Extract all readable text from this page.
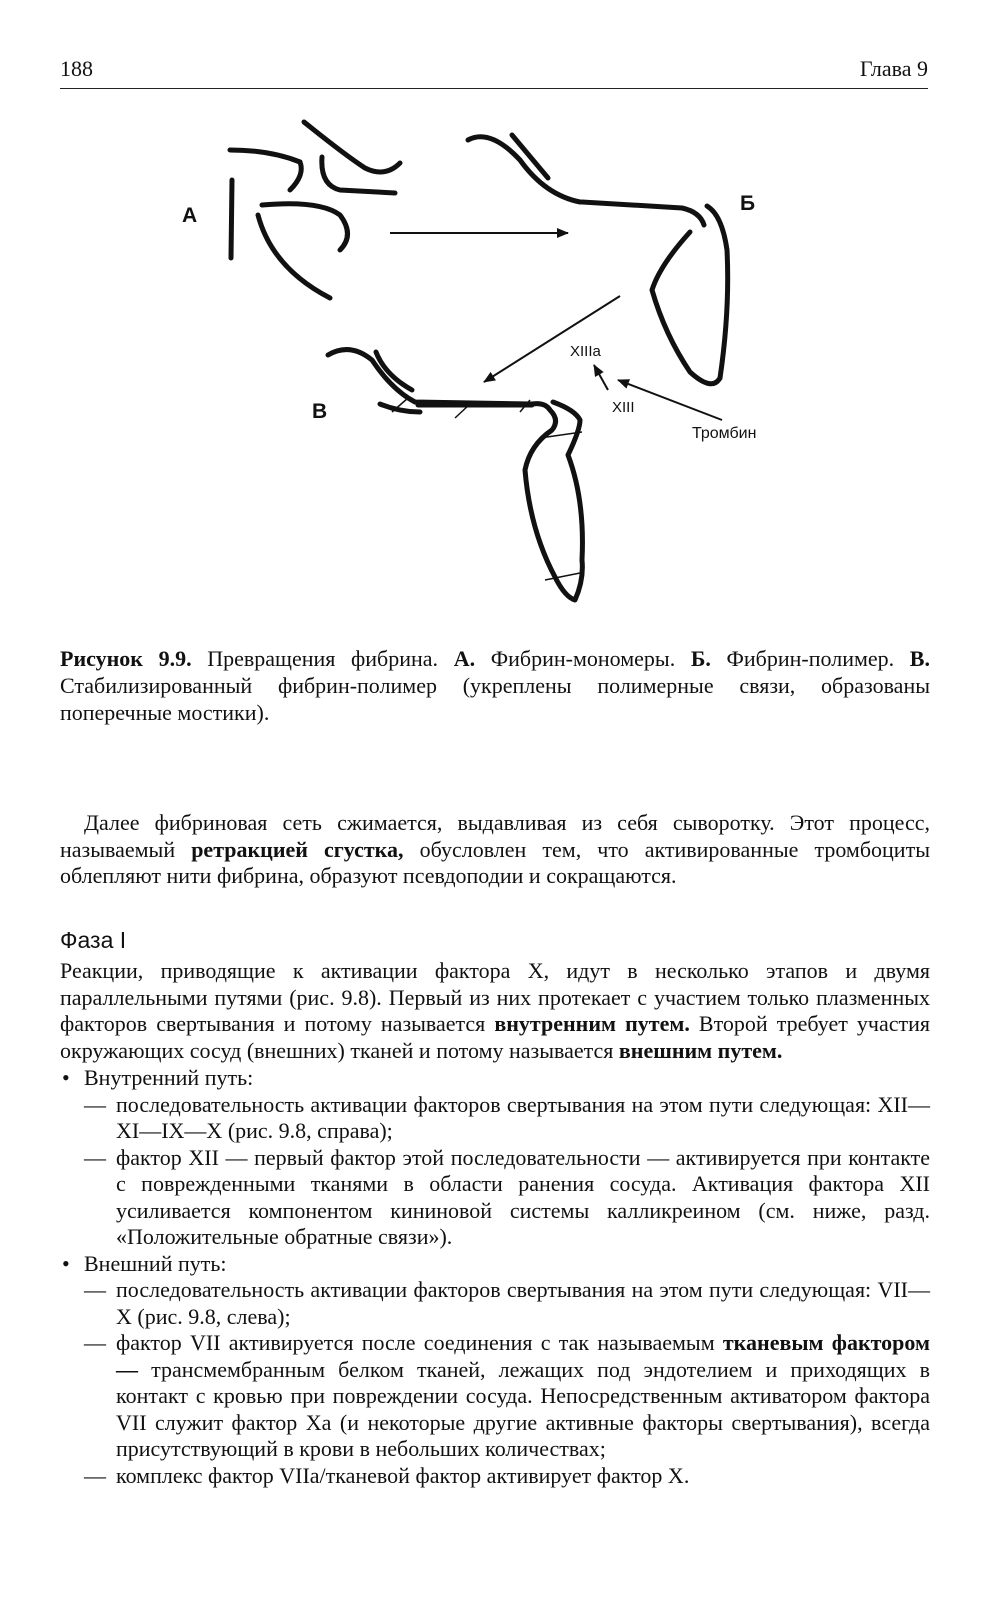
188	Глава 9
А
Б
В
XIIIa
XIII
Тромбин
Рисунок 9.9. Превращения фибрина. А. Фибрин-мономеры. Б. Фибрин-полимер. В. Стабилизированный фибрин-полимер (укреплены полимерные связи, образованы поперечные мостики).
Далее фибриновая сеть сжимается, выдавливая из себя сыворотку. Этот процесс, называемый ретракцией сгустка, обусловлен тем, что активированные тромбоциты облепляют нити фибрина, образуют псевдоподии и сокращаются.
Фаза I
Реакции, приводящие к активации фактора X, идут в несколько этапов и двумя параллельными путями (рис. 9.8). Первый из них протекает с участием только плазменных факторов свертывания и потому называется внутренним путем. Второй требует участия окружающих сосуд (внешних) тканей и потому называется внешним путем.
• Внутренний путь:
— последовательность активации факторов свертывания на этом пути следующая: XII—XI—IX—X (рис. 9.8, справа);
— фактор XII — первый фактор этой последовательности — активируется при контакте с поврежденными тканями в области ранения сосуда. Активация фактора XII усиливается компонентом кининовой системы калликреином (см. ниже, разд. «Положительные обратные связи»).
• Внешний путь:
— последовательность активации факторов свертывания на этом пути следующая: VII—X (рис. 9.8, слева);
— фактор VII активируется после соединения с так называемым тканевым фактором — трансмембранным белком тканей, лежащих под эндотелием и приходящих в контакт с кровью при повреждении сосуда. Непосредственным активатором фактора VII служит фактор Xa (и некоторые другие активные факторы свертывания), всегда присутствующий в крови в небольших количествах;
— комплекс фактор VIIa/тканевой фактор активирует фактор X.
